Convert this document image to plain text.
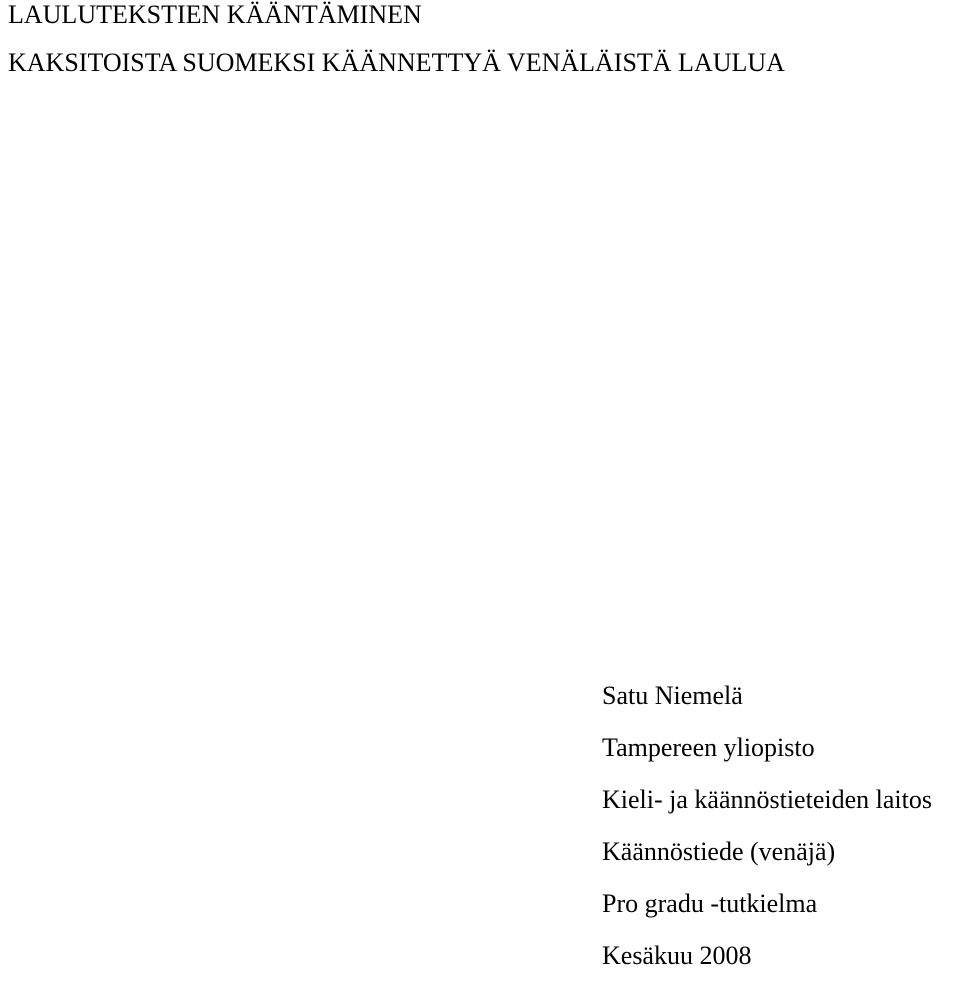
LAULUTEKSTIEN KÄÄNTÄMINEN
KAKSITOISTA SUOMEKSI KÄÄNNETTYÄ VENÄLÄISTÄ LAULUA
Satu Niemelä
Tampereen yliopisto
Kieli- ja käännöstieteiden laitos
Käännöstiede (venäjä)
Pro gradu -tutkielma
Kesäkuu 2008
